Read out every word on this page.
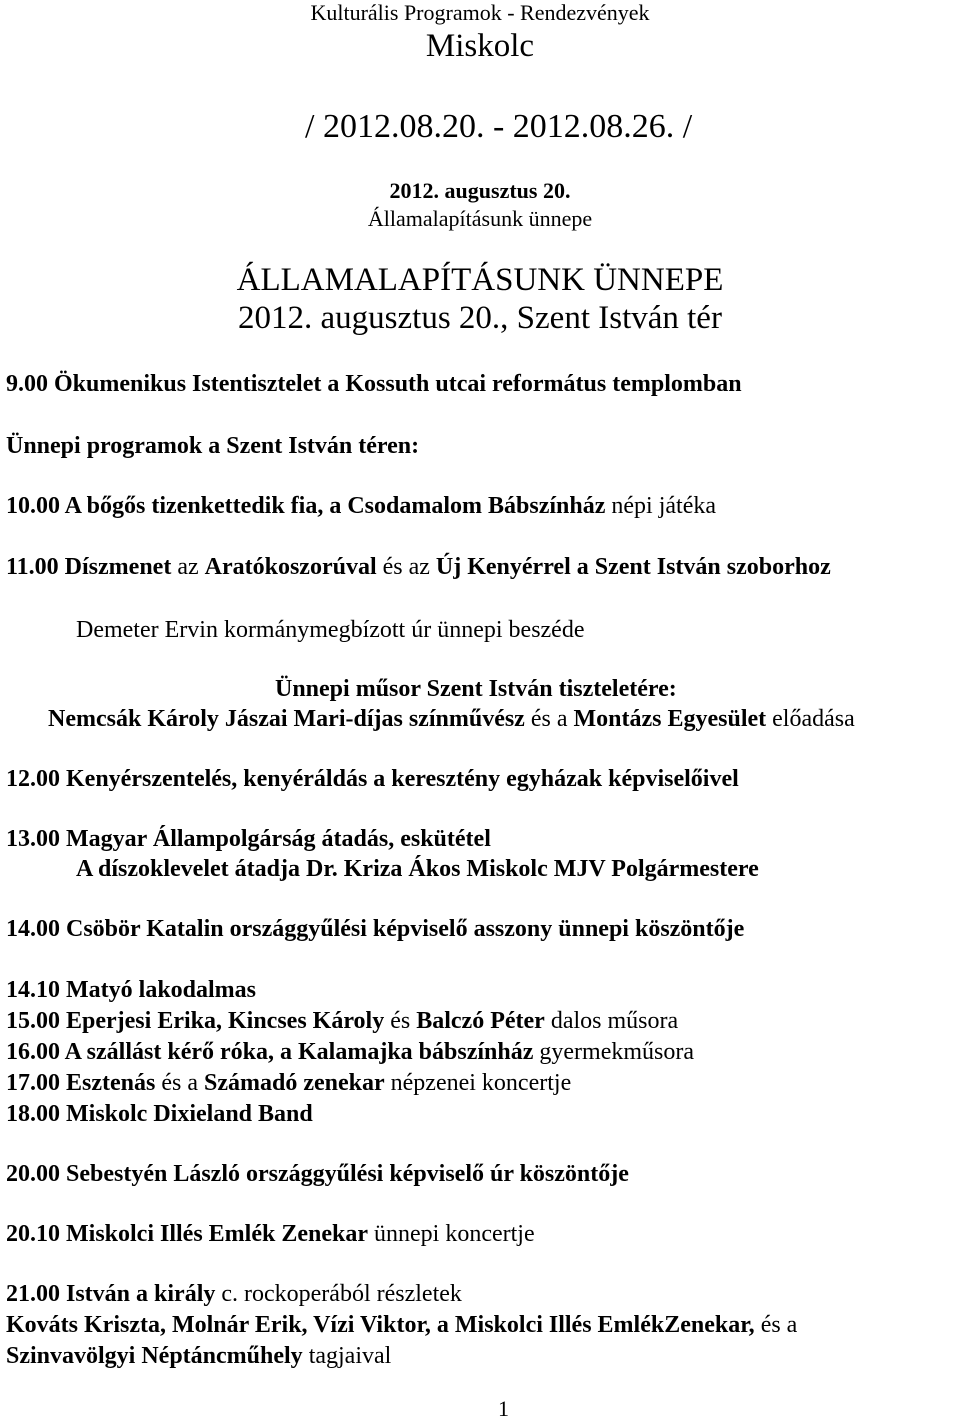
Kulturális Programok - Rendezvények
Miskolc
/ 2012.08.20. - 2012.08.26. /
2012. augusztus 20.
Államalapításunk ünnepe
ÁLLAMALAPÍTÁSUNK ÜNNEPE
2012. augusztus 20., Szent István tér
9.00 Ökumenikus Istentisztelet a Kossuth utcai református templomban
Ünnepi programok a Szent István téren:
10.00 A bőgős tizenkettedik fia, a Csodamalom Bábszínház népi játéka
11.00 Díszmenet az Aratókoszorúval és az Új Kenyérrel a Szent István szoborhoz
Demeter Ervin kormánymegbízott úr ünnepi beszéde
Ünnepi műsor Szent István tiszteletére:
Nemcsák Károly Jászai Mari-díjas színművész és a Montázs Egyesület előadása
12.00 Kenyérszentelés, kenyéráldás a keresztény egyházak képviselőivel
13.00 Magyar Állampolgárság átadás, eskütétel
A díszoklevelet átadja Dr. Kriza Ákos Miskolc MJV Polgármestere
14.00 Csöbör Katalin országgyűlési képviselő asszony ünnepi köszöntője
14.10 Matyó lakodalmas
15.00 Eperjesi Erika, Kincses Károly és Balczó Péter dalos műsora
16.00 A szállást kérő róka, a Kalamajka bábszínház gyermekműsora
17.00 Esztenás és a Számadó zenekar népzenei koncertje
18.00 Miskolc Dixieland Band
20.00 Sebestyén László országgyűlési képviselő úr köszöntője
20.10 Miskolci Illés Emlék Zenekar ünnepi koncertje
21.00 István a király c. rockoperából részletek
Kováts Kriszta, Molnár Erik, Vízi Viktor, a Miskolci Illés EmlékZenekar, és a
Szinvavölgyi Néptáncműhely tagjaival
1
